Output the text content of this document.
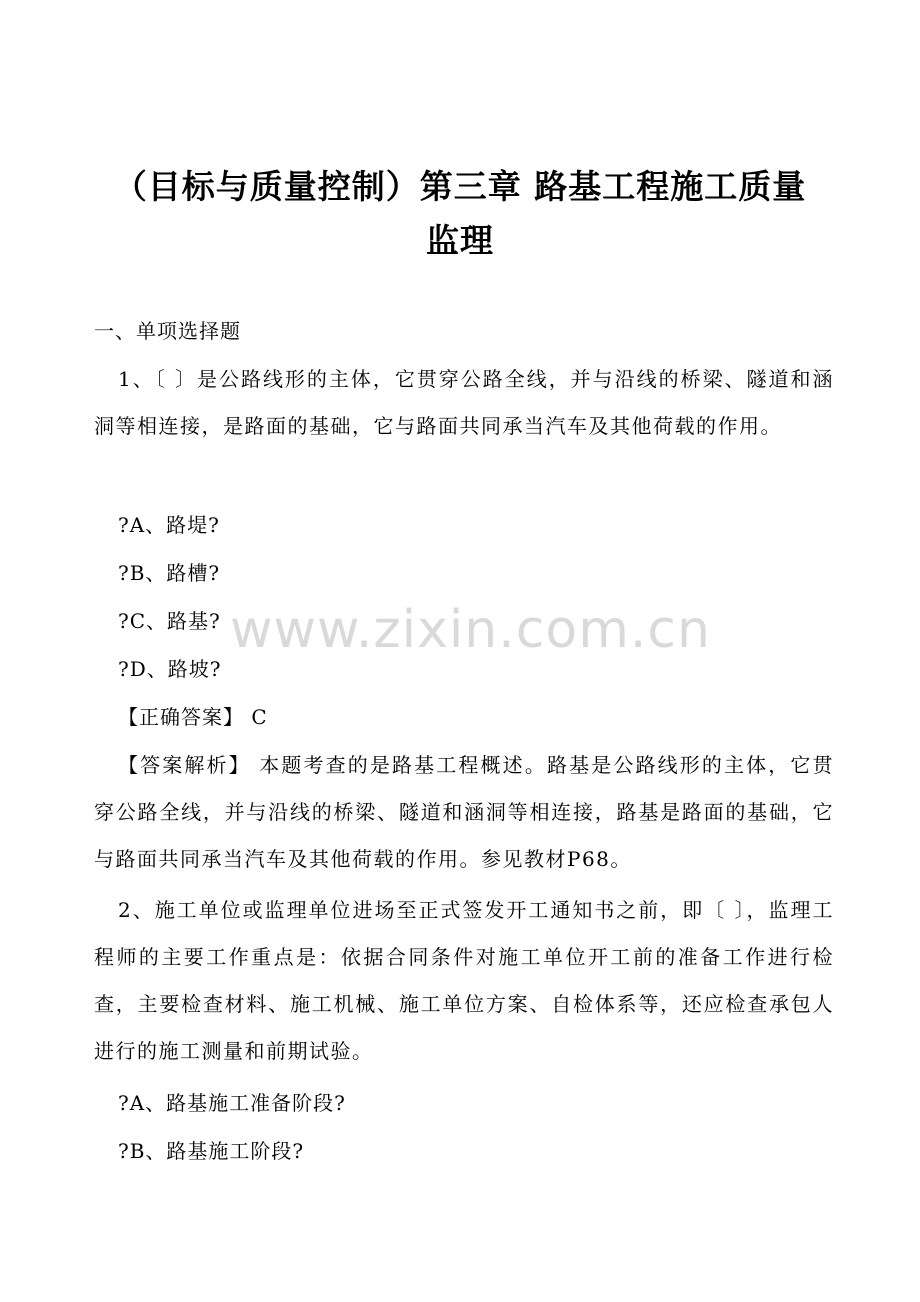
（目标与质量控制）第三章 路基工程施工质量
监理
一、单项选择题
1、〔 〕是公路线形的主体，它贯穿公路全线，并与沿线的桥梁、隧道和涵洞等相连接，是路面的基础，它与路面共同承当汽车及其他荷载的作用。
?A、路堤?
?B、路槽?
?C、路基?
?D、路坡?
【正确答案】 C
【答案解析】 本题考查的是路基工程概述。路基是公路线形的主体，它贯穿公路全线，并与沿线的桥梁、隧道和涵洞等相连接，路基是路面的基础，它与路面共同承当汽车及其他荷载的作用。参见教材P68。
2、施工单位或监理单位进场至正式签发开工通知书之前，即〔 〕，监理工程师的主要工作重点是：依据合同条件对施工单位开工前的准备工作进行检查，主要检查材料、施工机械、施工单位方案、自检体系等，还应检查承包人进行的施工测量和前期试验。
?A、路基施工准备阶段?
?B、路基施工阶段?
www.zixin.com.cn
